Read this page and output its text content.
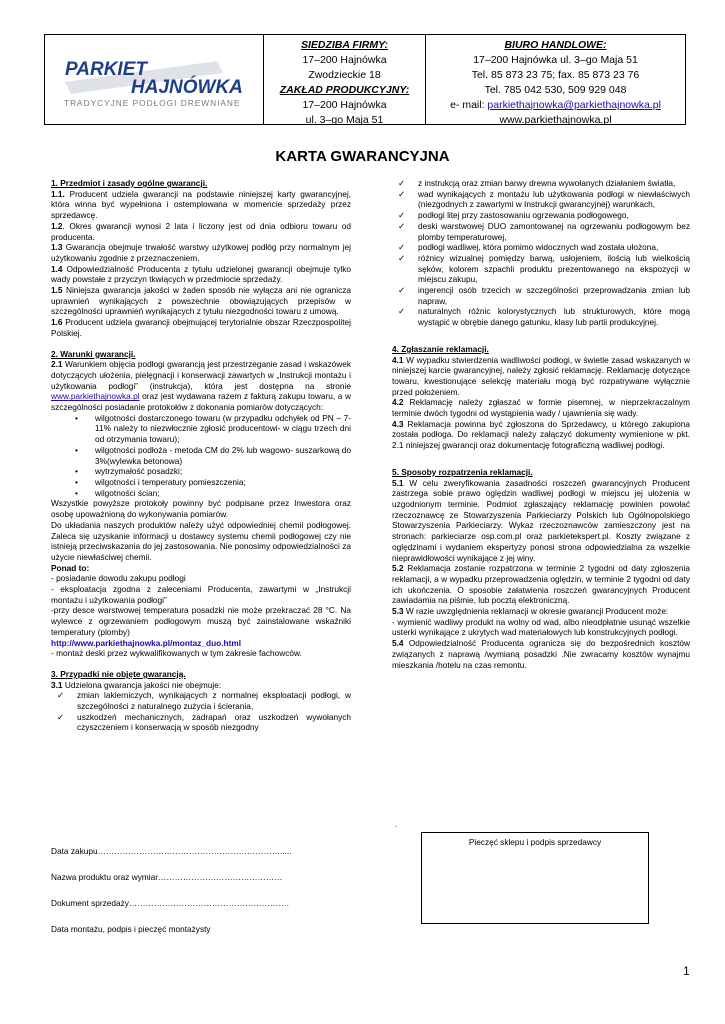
PARKIET
HAJNÓWKA
TRADYCYJNE PODŁOGI DREWNIANE
SIEDZIBA FIRMY:
17–200 Hajnówka
Zwodzieckie 18
ZAKŁAD PRODUKCYJNY:
17–200 Hajnówka
ul. 3–go Maja 51
BIURO HANDLOWE:
17–200 Hajnówka ul. 3–go Maja 51
Tel. 85 873 23 75; fax. 85 873 23 76
Tel. 785 042 530, 509 929 048
e- mail: parkiethajnowka@parkiethajnowka.pl
www.parkiethajnowka.pl
KARTA GWARANCYJNA

1. Przedmiot i zasady ogólne gwarancji.

1.1. Producent udziela gwarancji na podstawie niniejszej karty gwarancyjnej, która winna być wypełniona i ostemplowana w momencie sprzedaży przez sprzedawcę.

1.2. Okres gwarancji wynosi 2 lata i liczony jest od dnia odbioru towaru od producenta.

1.3 Gwarancja obejmuje trwałość warstwy użytkowej podłóg przy normalnym jej użytkowaniu zgodnie z przeznaczeniem.

1.4 Odpowiedzialność Producenta z tytułu udzielonej gwarancji obejmuje tylko wady powstałe z przyczyn tkwiących w przedmiocie sprzedaży.

1.5 Niniejsza gwarancja jakości w żaden sposób nie wyłącza ani nie ogranicza uprawnień wynikających z powszechnie obowiązujących przepisów w szczególności uprawnień wynikających z tytułu niezgodności towaru z umową.

1.6 Producent udziela gwarancji obejmującej terytorialnie obszar Rzeczpospolitej Polskiej.

2. Warunki gwarancji.

2.1 Warunkiem objęcia podłogi gwarancją jest przestrzeganie zasad i wskazówek dotyczących ułożenia, pielęgnacji i konserwacji zawartych w „Instrukcji montażu i użytkowania podłogi” (instrukcja), która jest dostępna na stronie www.parkiethajnowka.pl oraz jest wydawana razem z fakturą zakupu towaru, a w szczególności posiadanie protokołów z dokonania pomiarów dotyczących:

• wilgotności dostarczonego towaru (w przypadku odchyłek od PN – 7-11% należy to niezwłocznie zgłosić producentowi- w ciągu trzech dni od otrzymania towaru);
• wilgotności podłoża - metoda CM do 2% lub wagowo- suszarkową do 3%(wylewka betonowa)
• wytrzymałość posadzki;
• wilgotności i temperatury pomieszczenia;
• wilgotności ścian;

Wszystkie powyższe protokoły powinny być podpisane przez Inwestora oraz osobę upoważnioną do wykonywania pomiarów.

Do układania naszych produktów należy użyć odpowiedniej chemii podłogowej. Zaleca się uzyskanie informacji u dostawcy systemu chemii podłogowej czy nie istnieją przeciwskazania do jej zastosowania. Nie ponosimy odpowiedzialności za użycie niewłaściwej chemii.

Ponad to:

- posiadanie dowodu zakupu podłogi

- eksploatacja zgodna z zaleceniami Producenta, zawartymi w „Instrukcji montażu i użytkowania podłogi”

-przy desce warstwowej temperatura posadzki nie może przekraczać 28 °C. Na wylewce z ogrzewaniem podłogowym muszą być zainstalowane wskaźniki temperatury (plomby)

http://www.parkiethajnowka.pl/montaz_duo.html

- montaż deski przez wykwalifikowanych w tym zakresie fachowców.

3. Przypadki nie objęte gwarancją.

3.1 Udzielona gwarancja jakości nie obejmuje:

✓ zmian lakierniczych, wynikających z normalnej eksploatacji podłogi, w szczególności z naturalnego zużycia i ścierania,
✓ uszkodzeń mechanicznych, zadrapań oraz uszkodzeń wywołanych czyszczeniem i konserwacją w sposób niezgodny
✓ z instrukcją oraz zmian barwy drewna wywołanych działaniem światła,
✓ wad wynikających z montażu lub użytkowania podłogi w niewłaściwych (niezgodnych z zawartymi w Instrukcji gwarancyjnej) warunkach,
✓ podłogi litej przy zastosowaniu ogrzewania podłogowego,
✓ deski warstwowej DUO zamontowanej na ogrzewaniu podłogowym bez plomby temperaturowej,
✓ podłogi wadliwej, która pomimo widocznych wad została ułożona,
✓ różnicy wizualnej pomiędzy barwą, usłojeniem, ilością lub wielkością sęków, kolorem szpachli produktu prezentowanego na ekspozycji w miejscu zakupu,
✓ ingerencji osób trzecich w szczególności przeprowadzania zmian lub napraw,
✓ naturalnych różnic kolorystycznych lub strukturowych, które mogą wystąpić w obrębie danego gatunku, klasy lub partii produkcyjnej.

4. Zgłaszanie reklamacji.

4.1 W wypadku stwierdzenia wadliwości podłogi, w świetle zasad wskazanych w niniejszej karcie gwarancyjnej, należy zgłosić reklamację. Reklamację dotyczące towaru, kwestionujące selekcję materiału mogą być rozpatrywane wyłącznie przed położeniem.

4.2 Reklamację należy zgłaszać w formie pisemnej, w nieprzekraczalnym terminie dwóch tygodni od wystąpienia wady / ujawnienia się wady.

4.3 Reklamacja powinna być zgłoszona do Sprzedawcy, u którego zakupiona została podłoga. Do reklamacji należy załączyć dokumenty wymienione w pkt. 2.1 niniejszej gwarancji oraz dokumentację fotograficzną wadliwej podłogi.

5. Sposoby rozpatrzenia reklamacji.

5.1 W celu zweryfikowania zasadności roszczeń gwarancyjnych Producent zastrzega sobie prawo oględzin wadliwej podłogi w miejscu jej ułożenia w uzgodnionym terminie. Podmiot zgłaszający reklamację powinien powołać rzeczoznawcę ze Stowarzyszenia Parkieciarzy Polskich lub Ogólnopolskiego Stowarzyszenia Parkieciarzy. Wykaz rzeczoznawców zamieszczony jest na stronach: parkieciarze osp.com.pl oraz parkietekspert.pl. Koszty związane z oględzinami i wydaniem ekspertyzy ponosi strona odpowiedzialna za wszelkie nieprawidłowości wynikające z jej winy.

5.2 Reklamacja zostanie rozpatrzona w terminie 2 tygodni od daty zgłoszenia reklamacji, a w wypadku przeprowadzenia oględzin, w terminie 2 tygodni od daty ich ukończenia. O sposobie załatwienia roszczeń gwarancyjnych Producent zawiadamia na piśmie, lub pocztą elektroniczną.

5.3 W razie uwzględnienia reklamacji w okresie gwarancji Producent może:

- wymienić wadliwy produkt na wolny od wad, albo nieodpłatnie usunąć wszelkie usterki wynikające z ukrytych wad materiałowych lub konstrukcyjnych podłogi.

5.4 Odpowiedzialność Producenta ogranicza się do bezpośrednich kosztów związanych z naprawą /wymianą posadzki .Nie zwracamy kosztów wynajmu mieszkania /hotelu na czas remontu.

.
Data zakupu………………………………………………………….....
Nazwa produktu oraz wymiar………………………………………
Dokument sprzedaży………………………………………………….
Data montażu, podpis i pieczęć montażysty
Pieczęć sklepu i podpis sprzedawcy
1
